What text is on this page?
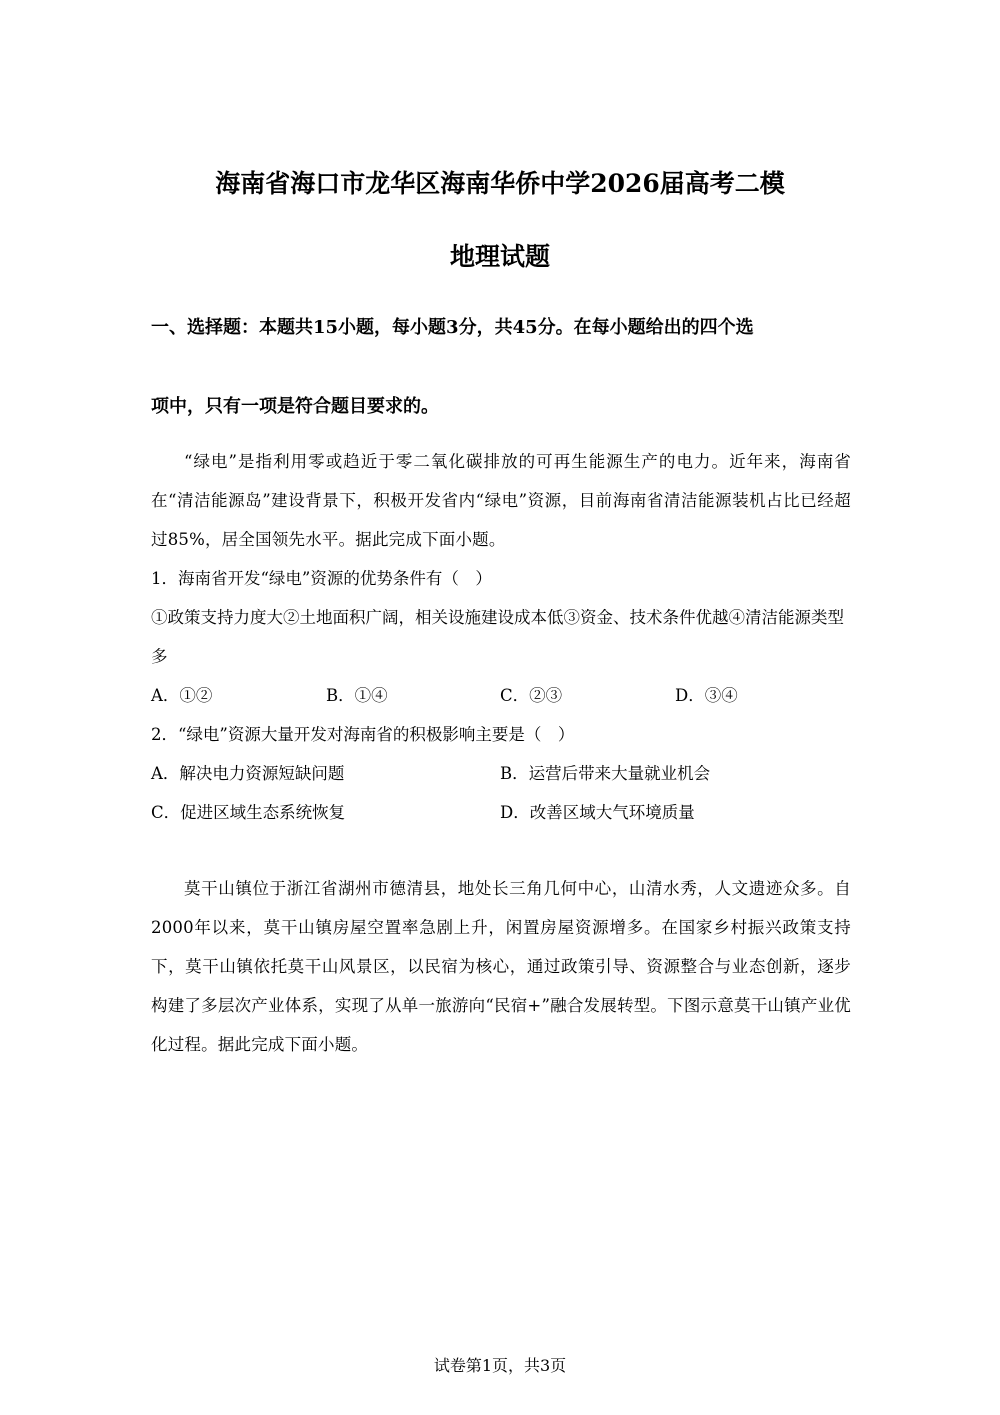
海南省海口市龙华区海南华侨中学2026届高考二模
地理试题

一、选择题：本题共15小题，每小题3分，共45分。在每小题给出的四个选

项中，只有一项是符合题目要求的。

“绿电”是指利用零或趋近于零二氧化碳排放的可再生能源生产的电力。近年来，海南省在“清洁能源岛”建设背景下，积极开发省内“绿电”资源，目前海南省清洁能源装机占比已经超过85%，居全国领先水平。据此完成下面小题。

1．海南省开发“绿电”资源的优势条件有（　）

①政策支持力度大②土地面积广阔，相关设施建设成本低③资金、技术条件优越④清洁能源类型多

A．①②	B．①④	C．②③	D．③④

2．“绿电”资源大量开发对海南省的积极影响主要是（　）

A．解决电力资源短缺问题	B．运营后带来大量就业机会
C．促进区域生态系统恢复	D．改善区域大气环境质量

莫干山镇位于浙江省湖州市德清县，地处长三角几何中心，山清水秀，人文遗迹众多。自2000年以来，莫干山镇房屋空置率急剧上升，闲置房屋资源增多。在国家乡村振兴政策支持下，莫干山镇依托莫干山风景区，以民宿为核心，通过政策引导、资源整合与业态创新，逐步构建了多层次产业体系，实现了从单一旅游向“民宿+”融合发展转型。下图示意莫干山镇产业优化过程。据此完成下面小题。

试卷第1页，共3页
